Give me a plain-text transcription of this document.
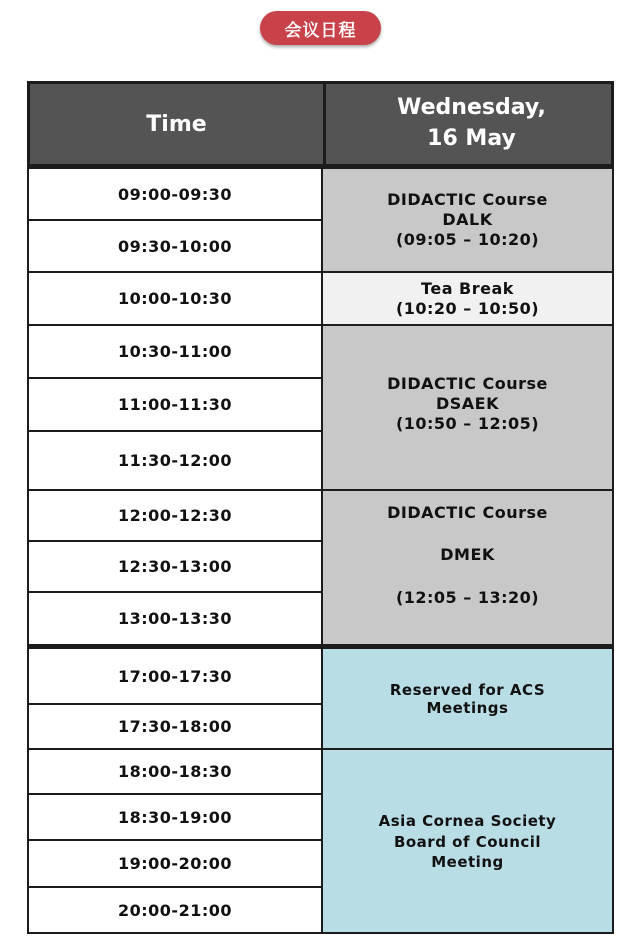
会议日程
Time
Wednesday,
16 May
09:00-09:30
09:30-10:00
10:00-10:30
10:30-11:00
11:00-11:30
11:30-12:00
12:00-12:30
12:30-13:00
13:00-13:30
17:00-17:30
17:30-18:00
18:00-18:30
18:30-19:00
19:00-20:00
20:00-21:00
DIDACTIC Course
DALK
(09:05 – 10:20)
Tea Break
(10:20 – 10:50)
DIDACTIC Course
DSAEK
(10:50 – 12:05)
DIDACTIC Course
DMEK
(12:05 – 13:20)
Reserved for ACS
Meetings
Asia Cornea Society
Board of Council
Meeting
